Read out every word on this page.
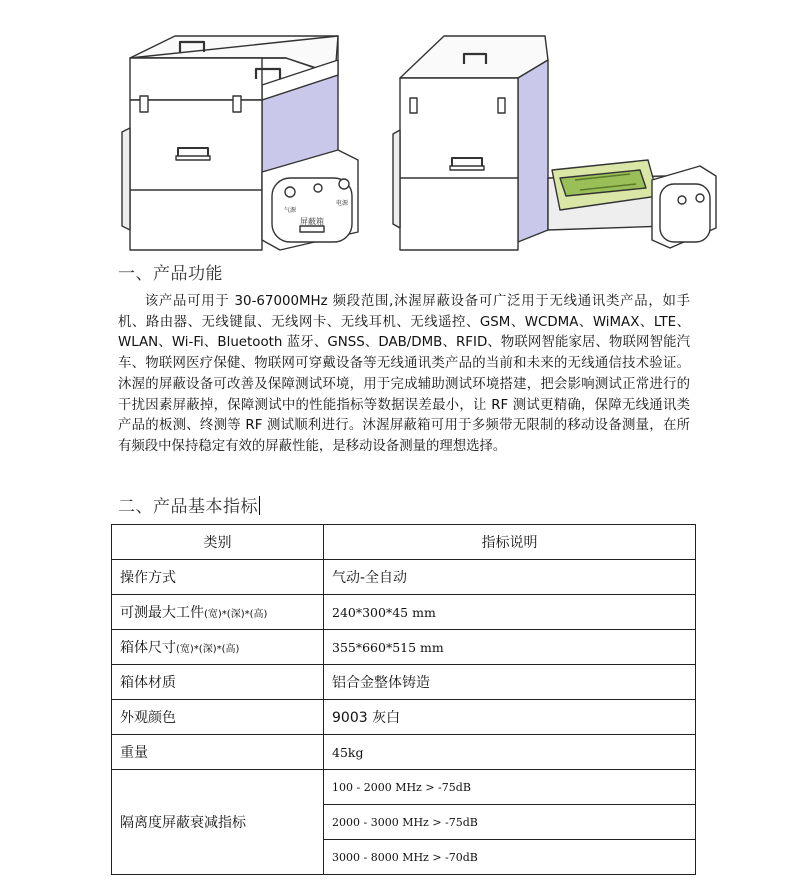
气源
电源
屏蔽箱
一、产品功能

该产品可用于 30-67000MHz 频段范围,沐渥屏蔽设备可广泛用于无线通讯类产品，如手机、路由器、无线键鼠、无线网卡、无线耳机、无线遥控、GSM、WCDMA、WiMAX、LTE、WLAN、Wi-Fi、Bluetooth 蓝牙、GNSS、DAB/DMB、RFID、物联网智能家居、物联网智能汽车、物联网医疗保健、物联网可穿戴设备等无线通讯类产品的当前和未来的无线通信技术验证。沐渥的屏蔽设备可改善及保障测试环境，用于完成辅助测试环境搭建，把会影响测试正常进行的干扰因素屏蔽掉，保障测试中的性能指标等数据误差最小，让 RF 测试更精确，保障无线通讯类产品的板测、终测等 RF 测试顺利进行。沐渥屏蔽箱可用于多频带无限制的移动设备测量，在所有频段中保持稳定有效的屏蔽性能，是移动设备测量的理想选择。

二、产品基本指标
类别	指标说明
操作方式	气动-全自动
可测最大工件(宽)*(深)*(高)	240*300*45 mm
箱体尺寸(宽)*(深)*(高)	355*660*515 mm
箱体材质	铝合金整体铸造
外观颜色	9003 灰白
重量	45kg
隔离度屏蔽衰减指标	100 - 2000 MHz > -75dB
	2000 - 3000 MHz > -75dB
	3000 - 8000 MHz > -70dB
